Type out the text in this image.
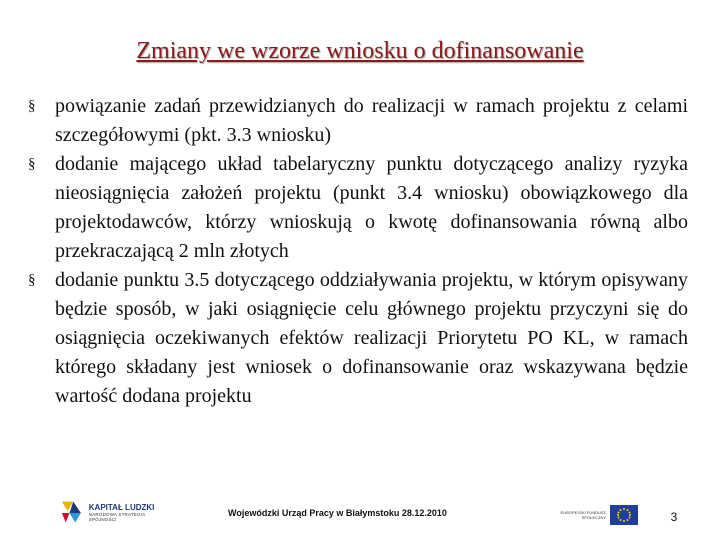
Zmiany we wzorze wniosku o dofinansowanie
§ powiązanie zadań przewidzianych do realizacji w ramach projektu z celami szczegółowymi (pkt. 3.3 wniosku)
§ dodanie mającego układ tabelaryczny punktu dotyczącego analizy ryzyka nieosiągnięcia założeń projektu (punkt 3.4 wniosku) obowiązkowego dla projektodawców, którzy wnioskują o kwotę dofinansowania równą albo przekraczającą 2 mln złotych
§ dodanie punktu 3.5 dotyczącego oddziaływania projektu, w którym opisywany będzie sposób, w jaki osiągnięcie celu głównego projektu przyczyni się do osiągnięcia oczekiwanych efektów realizacji Priorytetu PO KL, w ramach którego składany jest wniosek o dofinansowanie oraz wskazywana będzie wartość dodana projektu
KAPITAŁ LUDZKI
NARODOWA STRATEGIA SPÓJNOŚCI
Wojewódzki Urząd Pracy w Białymstoku 28.12.2010	EUROPEJSKI FUNDUSZ SPOŁECZNY	3
